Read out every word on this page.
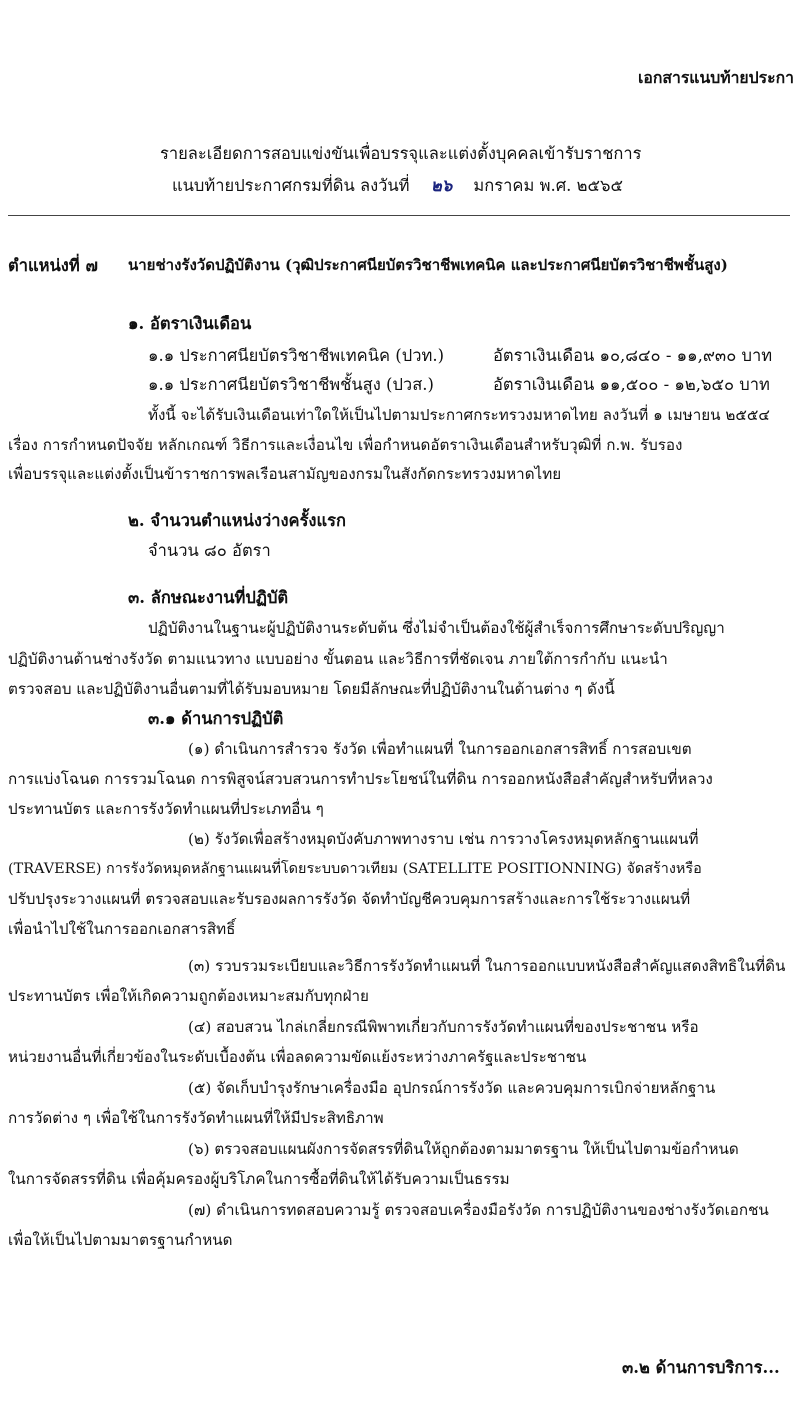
เอกสารแนบท้ายประกา
รายละเอียดการสอบแข่งขันเพื่อบรรจุและแต่งตั้งบุคคลเข้ารับราชการ
แนบท้ายประกาศกรมที่ดิน ลงวันที่ ๒๖ มกราคม พ.ศ. ๒๕๖๕
ตำแหน่งที่ ๗ นายช่างรังวัดปฏิบัติงาน (วุฒิประกาศนียบัตรวิชาชีพเทคนิค และประกาศนียบัตรวิชาชีพชั้นสูง)
๑. อัตราเงินเดือน
๑.๑ ประกาศนียบัตรวิชาชีพเทคนิค (ปวท.)	อัตราเงินเดือน ๑๐,๘๔๐ - ๑๑,๙๓๐ บาท
๑.๑ ประกาศนียบัตรวิชาชีพชั้นสูง (ปวส.)	อัตราเงินเดือน ๑๑,๕๐๐ - ๑๒,๖๕๐ บาท
ทั้งนี้ จะได้รับเงินเดือนเท่าใดให้เป็นไปตามประกาศกระทรวงมหาดไทย ลงวันที่ ๑ เมษายน ๒๕๕๔
เรื่อง การกำหนดปัจจัย หลักเกณฑ์ วิธีการและเงื่อนไข เพื่อกำหนดอัตราเงินเดือนสำหรับวุฒิที่ ก.พ. รับรอง
เพื่อบรรจุและแต่งตั้งเป็นข้าราชการพลเรือนสามัญของกรมในสังกัดกระทรวงมหาดไทย
๒. จำนวนตำแหน่งว่างครั้งแรก
จำนวน ๘๐ อัตรา
๓. ลักษณะงานที่ปฏิบัติ
ปฏิบัติงานในฐานะผู้ปฏิบัติงานระดับต้น ซึ่งไม่จำเป็นต้องใช้ผู้สำเร็จการศึกษาระดับปริญญา
ปฏิบัติงานด้านช่างรังวัด ตามแนวทาง แบบอย่าง ขั้นตอน และวิธีการที่ชัดเจน ภายใต้การกำกับ แนะนำ
ตรวจสอบ และปฏิบัติงานอื่นตามที่ได้รับมอบหมาย โดยมีลักษณะที่ปฏิบัติงานในด้านต่าง ๆ ดังนี้
๓.๑ ด้านการปฏิบัติ
(๑) ดำเนินการสำรวจ รังวัด เพื่อทำแผนที่ ในการออกเอกสารสิทธิ์ การสอบเขต
การแบ่งโฉนด การรวมโฉนด การพิสูจน์สวบสวนการทำประโยชน์ในที่ดิน การออกหนังสือสำคัญสำหรับที่หลวง
ประทานบัตร และการรังวัดทำแผนที่ประเภทอื่น ๆ
(๒) รังวัดเพื่อสร้างหมุดบังคับภาพทางราบ เช่น การวางโครงหมุดหลักฐานแผนที่
(TRAVERSE) การรังวัดหมุดหลักฐานแผนที่โดยระบบดาวเทียม (SATELLITE POSITIONNING) จัดสร้างหรือ
ปรับปรุงระวางแผนที่ ตรวจสอบและรับรองผลการรังวัด จัดทำบัญชีควบคุมการสร้างและการใช้ระวางแผนที่
เพื่อนำไปใช้ในการออกเอกสารสิทธิ์
(๓) รวบรวมระเบียบและวิธีการรังวัดทำแผนที่ ในการออกแบบหนังสือสำคัญแสดงสิทธิในที่ดิน
ประทานบัตร เพื่อให้เกิดความถูกต้องเหมาะสมกับทุกฝ่าย
(๔) สอบสวน ไกล่เกลี่ยกรณีพิพาทเกี่ยวกับการรังวัดทำแผนที่ของประชาชน หรือ
หน่วยงานอื่นที่เกี่ยวข้องในระดับเบื้องต้น เพื่อลดความขัดแย้งระหว่างภาครัฐและประชาชน
(๕) จัดเก็บบำรุงรักษาเครื่องมือ อุปกรณ์การรังวัด และควบคุมการเบิกจ่ายหลักฐาน
การวัดต่าง ๆ เพื่อใช้ในการรังวัดทำแผนที่ให้มีประสิทธิภาพ
(๖) ตรวจสอบแผนผังการจัดสรรที่ดินให้ถูกต้องตามมาตรฐาน ให้เป็นไปตามข้อกำหนด
ในการจัดสรรที่ดิน เพื่อคุ้มครองผู้บริโภคในการซื้อที่ดินให้ได้รับความเป็นธรรม
(๗) ดำเนินการทดสอบความรู้ ตรวจสอบเครื่องมือรังวัด การปฏิบัติงานของช่างรังวัดเอกชน
เพื่อให้เป็นไปตามมาตรฐานกำหนด
๓.๒ ด้านการบริการ...
